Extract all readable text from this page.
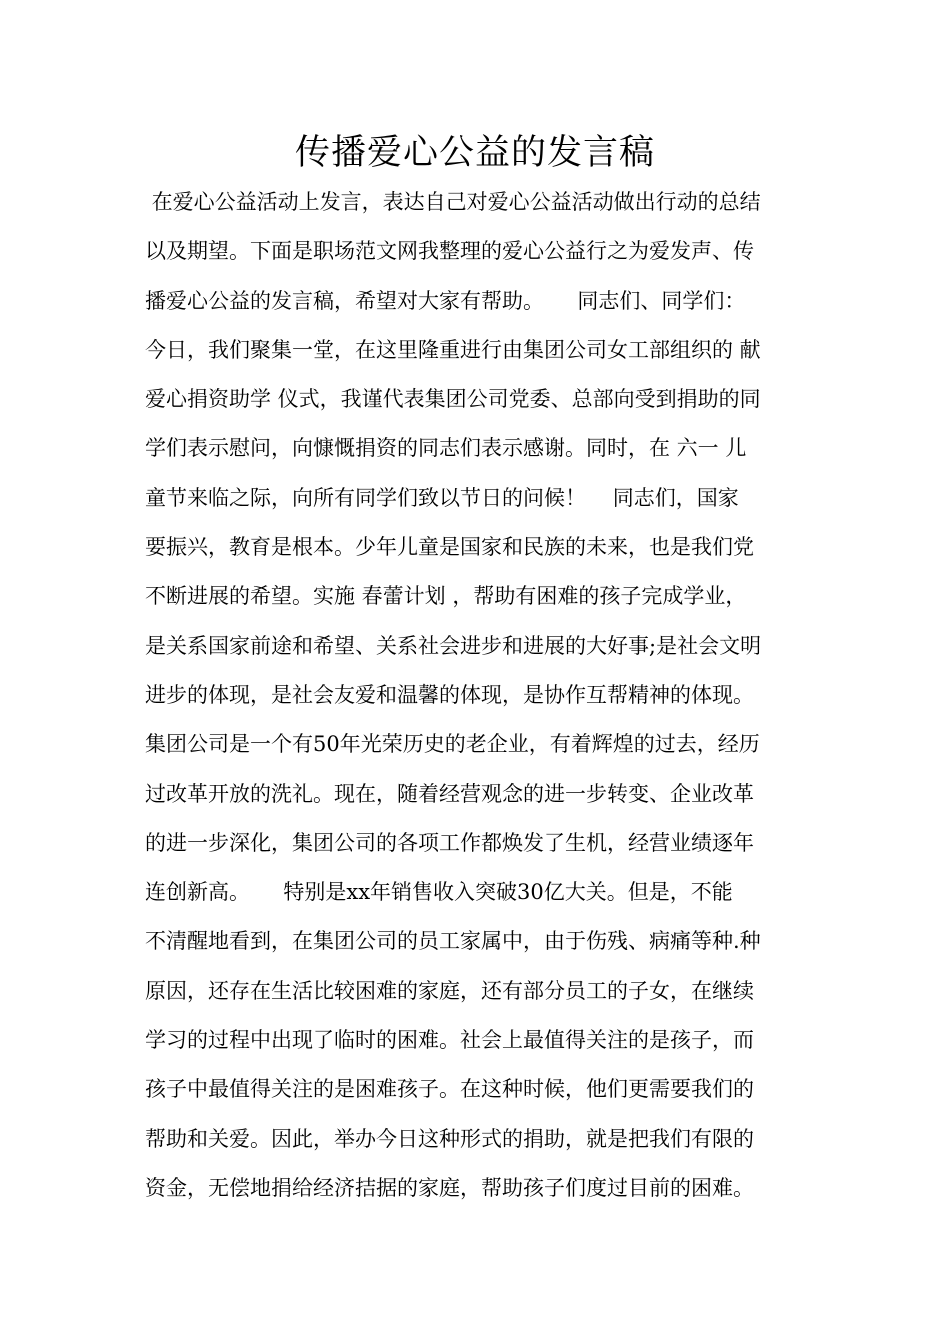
传播爱心公益的发言稿
在爱心公益活动上发言，表达自己对爱心公益活动做出行动的总结
以及期望。下面是职场范文网我整理的爱心公益行之为爱发声、传
播爱心公益的发言稿，希望对大家有帮助。     同志们、同学们：
今日，我们聚集一堂，在这里隆重进行由集团公司女工部组织的 献
爱心捐资助学 仪式，我谨代表集团公司党委、总部向受到捐助的同
学们表示慰问，向慷慨捐资的同志们表示感谢。同时，在 六一 儿
童节来临之际，向所有同学们致以节日的问候！    同志们，国家
要振兴，教育是根本。少年儿童是国家和民族的未来，也是我们党
不断进展的希望。实施 春蕾计划 ，帮助有困难的孩子完成学业，
是关系国家前途和希望、关系社会进步和进展的大好事;是社会文明
进步的体现，是社会友爱和温馨的体现，是协作互帮精神的体现。
集团公司是一个有50年光荣历史的老企业，有着辉煌的过去，经历
过改革开放的洗礼。现在，随着经营观念的进一步转变、企业改革
的进一步深化，集团公司的各项工作都焕发了生机，经营业绩逐年
连创新高。     特别是xx年销售收入突破30亿大关。但是，不能
不清醒地看到，在集团公司的员工家属中，由于伤残、病痛等种.种
原因，还存在生活比较困难的家庭，还有部分员工的子女，在继续
学习的过程中出现了临时的困难。社会上最值得关注的是孩子，而
孩子中最值得关注的是困难孩子。在这种时候，他们更需要我们的
帮助和关爱。因此，举办今日这种形式的捐助，就是把我们有限的
资金，无偿地捐给经济拮据的家庭，帮助孩子们度过目前的困难。
